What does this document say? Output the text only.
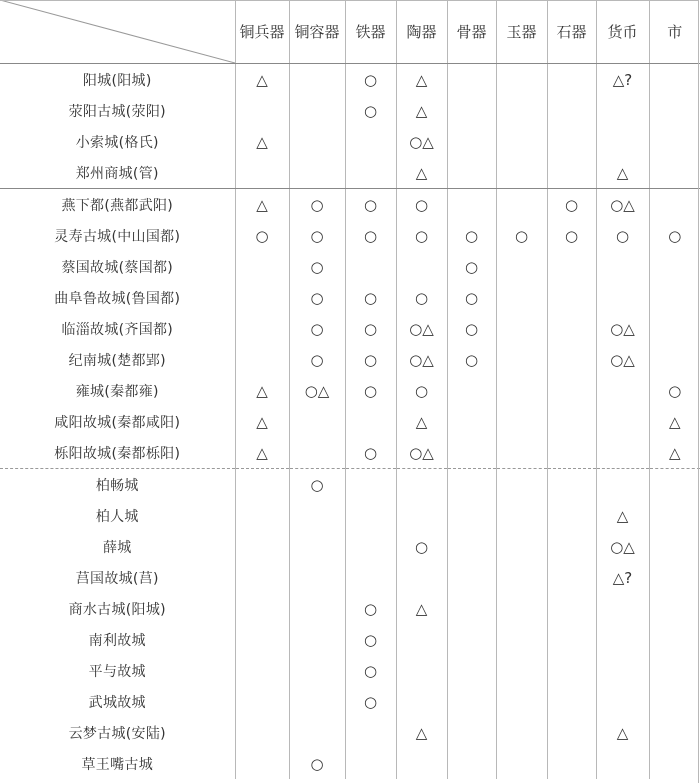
	铜兵器	铜容器	铁器	陶器	骨器	玉器	石器	货币	市
阳城(阳城)	△		○	△				△?	
荥阳古城(荥阳)			○	△					
小索城(格氏)	△			○△					
郑州商城(管)				△				△	
燕下都(燕都武阳)	△	○	○	○			○	○△	
灵寿古城(中山国都)	○	○	○	○	○	○	○	○	○
蔡国故城(蔡国都)		○			○				
曲阜鲁故城(鲁国都)		○	○	○	○				
临淄故城(齐国都)		○	○	○△	○			○△	
纪南城(楚都郢)		○	○	○△	○			○△	
雍城(秦都雍)	△	○△	○	○					○
咸阳故城(秦都咸阳)	△			△					△
栎阳故城(秦都栎阳)	△		○	○△					△
柏畅城		○							
柏人城								△	
薛城				○				○△	
莒国故城(莒)								△?	
商水古城(阳城)			○	△					
南利故城			○						
平与故城			○						
武城故城			○						
云梦古城(安陆)				△				△	
草王嘴古城		○							
